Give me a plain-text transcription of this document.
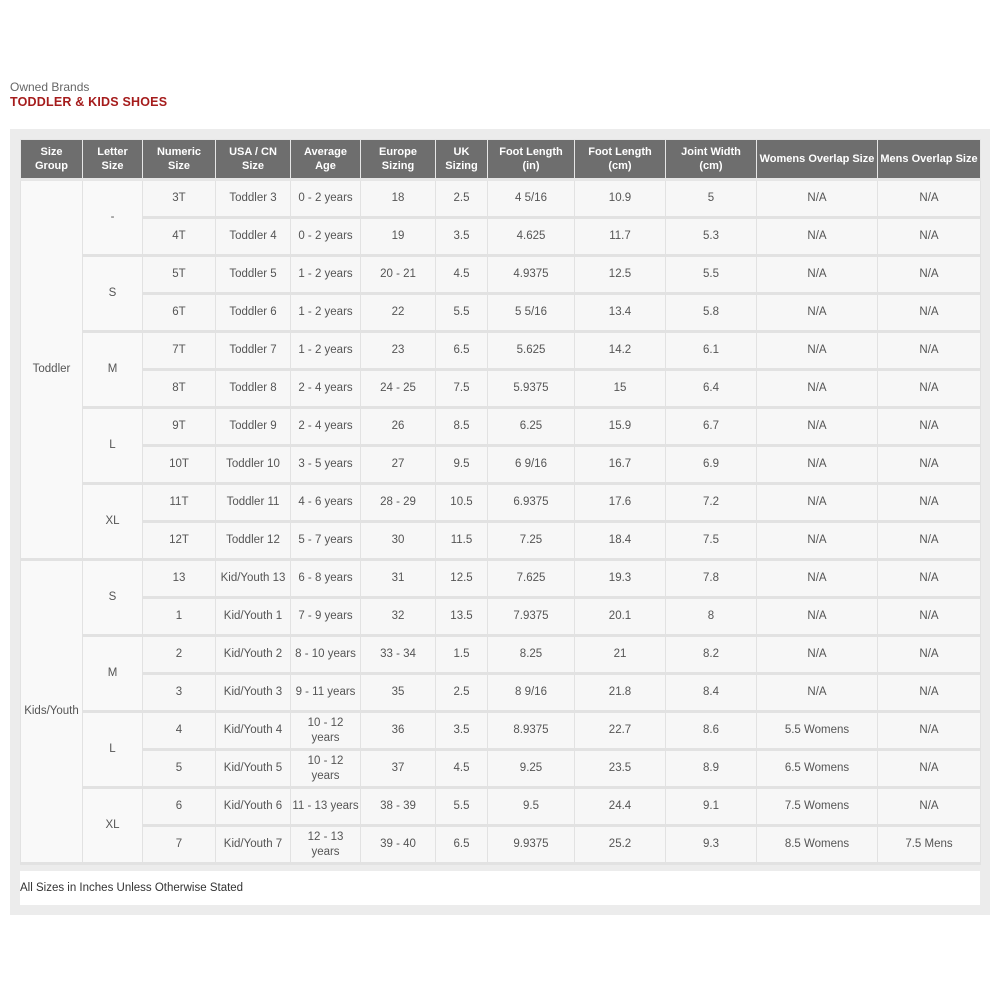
Owned Brands
TODDLER & KIDS SHOES
Size Group	Letter Size	Numeric Size	USA / CN Size	Average Age	Europe Sizing	UK Sizing	Foot Length (in)	Foot Length (cm)	Joint Width (cm)	Womens Overlap Size	Mens Overlap Size
Toddler	-	3T	Toddler 3	0 - 2 years	18	2.5	4 5/16	10.9	5	N/A	N/A
		4T	Toddler 4	0 - 2 years	19	3.5	4.625	11.7	5.3	N/A	N/A
	S	5T	Toddler 5	1 - 2 years	20 - 21	4.5	4.9375	12.5	5.5	N/A	N/A
		6T	Toddler 6	1 - 2 years	22	5.5	5 5/16	13.4	5.8	N/A	N/A
	M	7T	Toddler 7	1 - 2 years	23	6.5	5.625	14.2	6.1	N/A	N/A
		8T	Toddler 8	2 - 4 years	24 - 25	7.5	5.9375	15	6.4	N/A	N/A
	L	9T	Toddler 9	2 - 4 years	26	8.5	6.25	15.9	6.7	N/A	N/A
		10T	Toddler 10	3 - 5 years	27	9.5	6 9/16	16.7	6.9	N/A	N/A
	XL	11T	Toddler 11	4 - 6 years	28 - 29	10.5	6.9375	17.6	7.2	N/A	N/A
		12T	Toddler 12	5 - 7 years	30	11.5	7.25	18.4	7.5	N/A	N/A
Kids/Youth	S	13	Kid/Youth 13	6 - 8 years	31	12.5	7.625	19.3	7.8	N/A	N/A
		1	Kid/Youth 1	7 - 9 years	32	13.5	7.9375	20.1	8	N/A	N/A
	M	2	Kid/Youth 2	8 - 10 years	33 - 34	1.5	8.25	21	8.2	N/A	N/A
		3	Kid/Youth 3	9 - 11 years	35	2.5	8 9/16	21.8	8.4	N/A	N/A
	L	4	Kid/Youth 4	10 - 12 years	36	3.5	8.9375	22.7	8.6	5.5 Womens	N/A
		5	Kid/Youth 5	10 - 12 years	37	4.5	9.25	23.5	8.9	6.5 Womens	N/A
	XL	6	Kid/Youth 6	11 - 13 years	38 - 39	5.5	9.5	24.4	9.1	7.5 Womens	N/A
		7	Kid/Youth 7	12 - 13 years	39 - 40	6.5	9.9375	25.2	9.3	8.5 Womens	7.5 Mens
All Sizes in Inches Unless Otherwise Stated
